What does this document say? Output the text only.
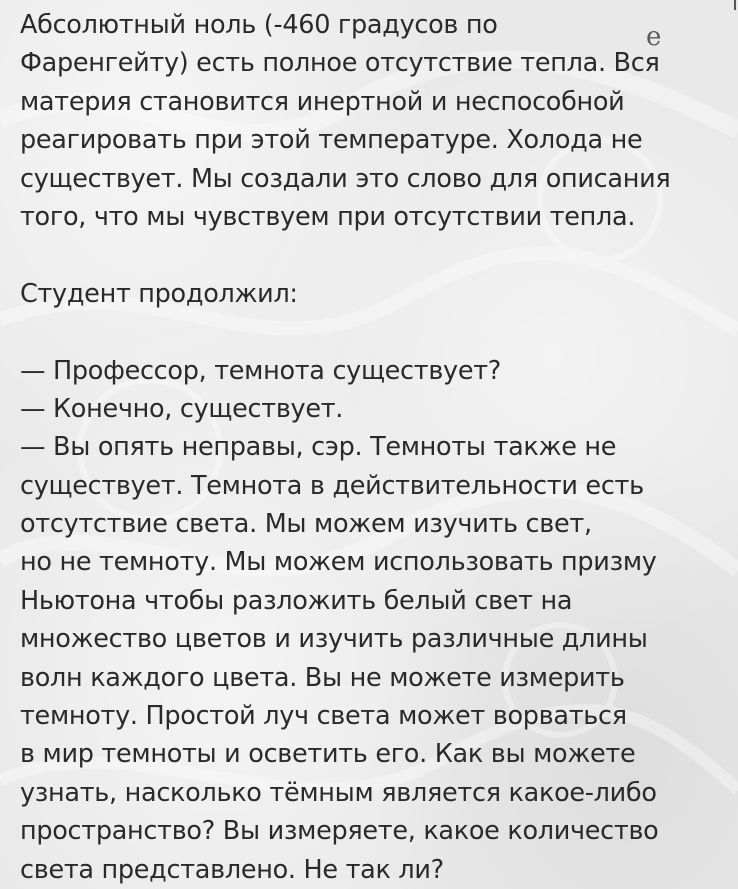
Абсолютный ноль (-460 градусов по
Фаренгейту) есть полное отсутствие тепла. Вся
материя становится инертной и неспособной
реагировать при этой температуре. Холода не
существует. Мы создали это слово для описания
того, что мы чувствуем при отсутствии тепла.
Студент продолжил:
— Профессор, темнота существует?
— Конечно, существует.
— Вы опять неправы, сэр. Темноты также не
существует. Темнота в действительности есть
отсутствие света. Мы можем изучить свет,
но не темноту. Мы можем использовать призму
Ньютона чтобы разложить белый свет на
множество цветов и изучить различные длины
волн каждого цвета. Вы не можете измерить
темноту. Простой луч света может ворваться
в мир темноты и осветить его. Как вы можете
узнать, насколько тёмным является какое-либо
пространство? Вы измеряете, какое количество
света представлено. Не так ли?
е
